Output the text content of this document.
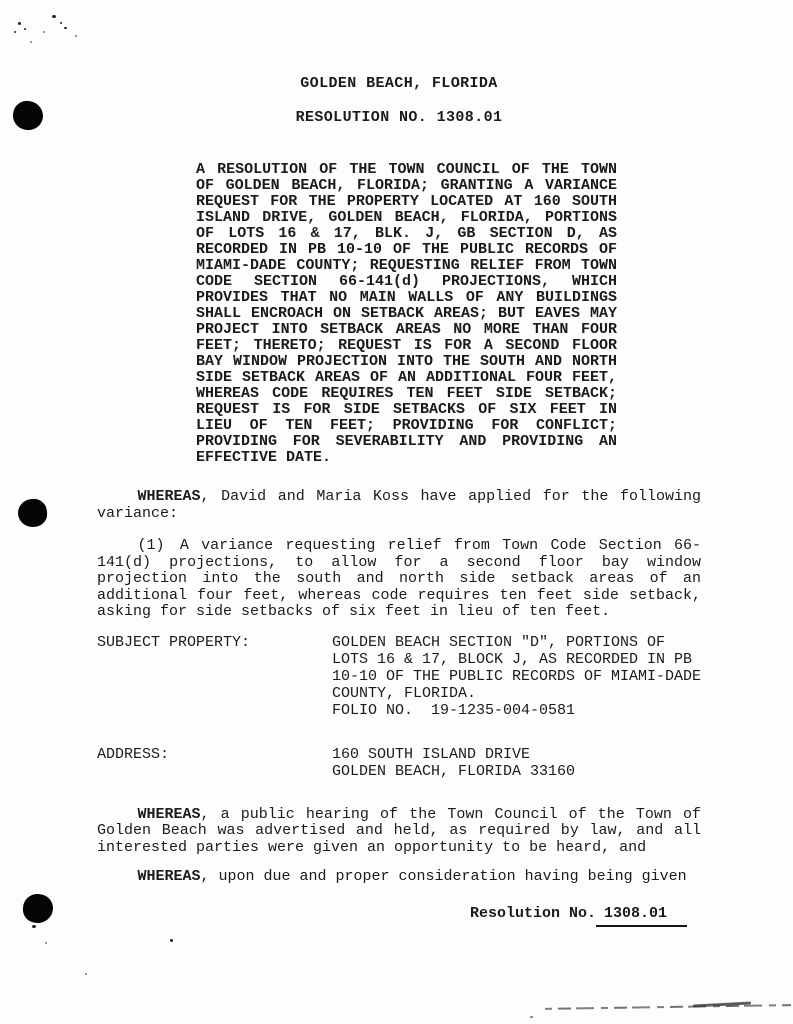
GOLDEN BEACH, FLORIDA
RESOLUTION NO. 1308.01
A RESOLUTION OF THE TOWN COUNCIL OF THE TOWN
OF GOLDEN BEACH, FLORIDA; GRANTING A VARIANCE
REQUEST FOR THE PROPERTY LOCATED AT 160 SOUTH
ISLAND DRIVE, GOLDEN BEACH, FLORIDA, PORTIONS
OF LOTS 16 & 17, BLK. J, GB SECTION D, AS
RECORDED IN PB 10-10 OF THE PUBLIC RECORDS OF
MIAMI-DADE COUNTY; REQUESTING RELIEF FROM TOWN
CODE SECTION 66-141(d) PROJECTIONS, WHICH
PROVIDES THAT NO MAIN WALLS OF ANY BUILDINGS
SHALL ENCROACH ON SETBACK AREAS; BUT EAVES MAY
PROJECT INTO SETBACK AREAS NO MORE THAN FOUR
FEET; THERETO; REQUEST IS FOR A SECOND FLOOR
BAY WINDOW PROJECTION INTO THE SOUTH AND NORTH
SIDE SETBACK AREAS OF AN ADDITIONAL FOUR FEET,
WHEREAS CODE REQUIRES TEN FEET SIDE SETBACK;
REQUEST IS FOR SIDE SETBACKS OF SIX FEET IN
LIEU OF TEN FEET; PROVIDING FOR CONFLICT;
PROVIDING FOR SEVERABILITY AND PROVIDING AN
EFFECTIVE DATE.

WHEREAS, David and Maria Koss have applied for the following variance:

(1) A variance requesting relief from Town Code Section 66-141(d) projections, to allow for a second floor bay window projection into the south and north side setback areas of an additional four feet, whereas code requires ten feet side setback, asking for side setbacks of six feet in lieu of ten feet.

SUBJECT PROPERTY:	GOLDEN BEACH SECTION "D", PORTIONS OF
LOTS 16 & 17, BLOCK J, AS RECORDED IN PB
10-10 OF THE PUBLIC RECORDS OF MIAMI-DADE
COUNTY, FLORIDA.
FOLIO NO.  19-1235-004-0581
ADDRESS:	160 SOUTH ISLAND DRIVE
GOLDEN BEACH, FLORIDA 33160

WHEREAS, a public hearing of the Town Council of the Town of Golden Beach was advertised and held, as required by law, and all interested parties were given an opportunity to be heard, and

WHEREAS, upon due and proper consideration having being given

Resolution No. 1308.01
